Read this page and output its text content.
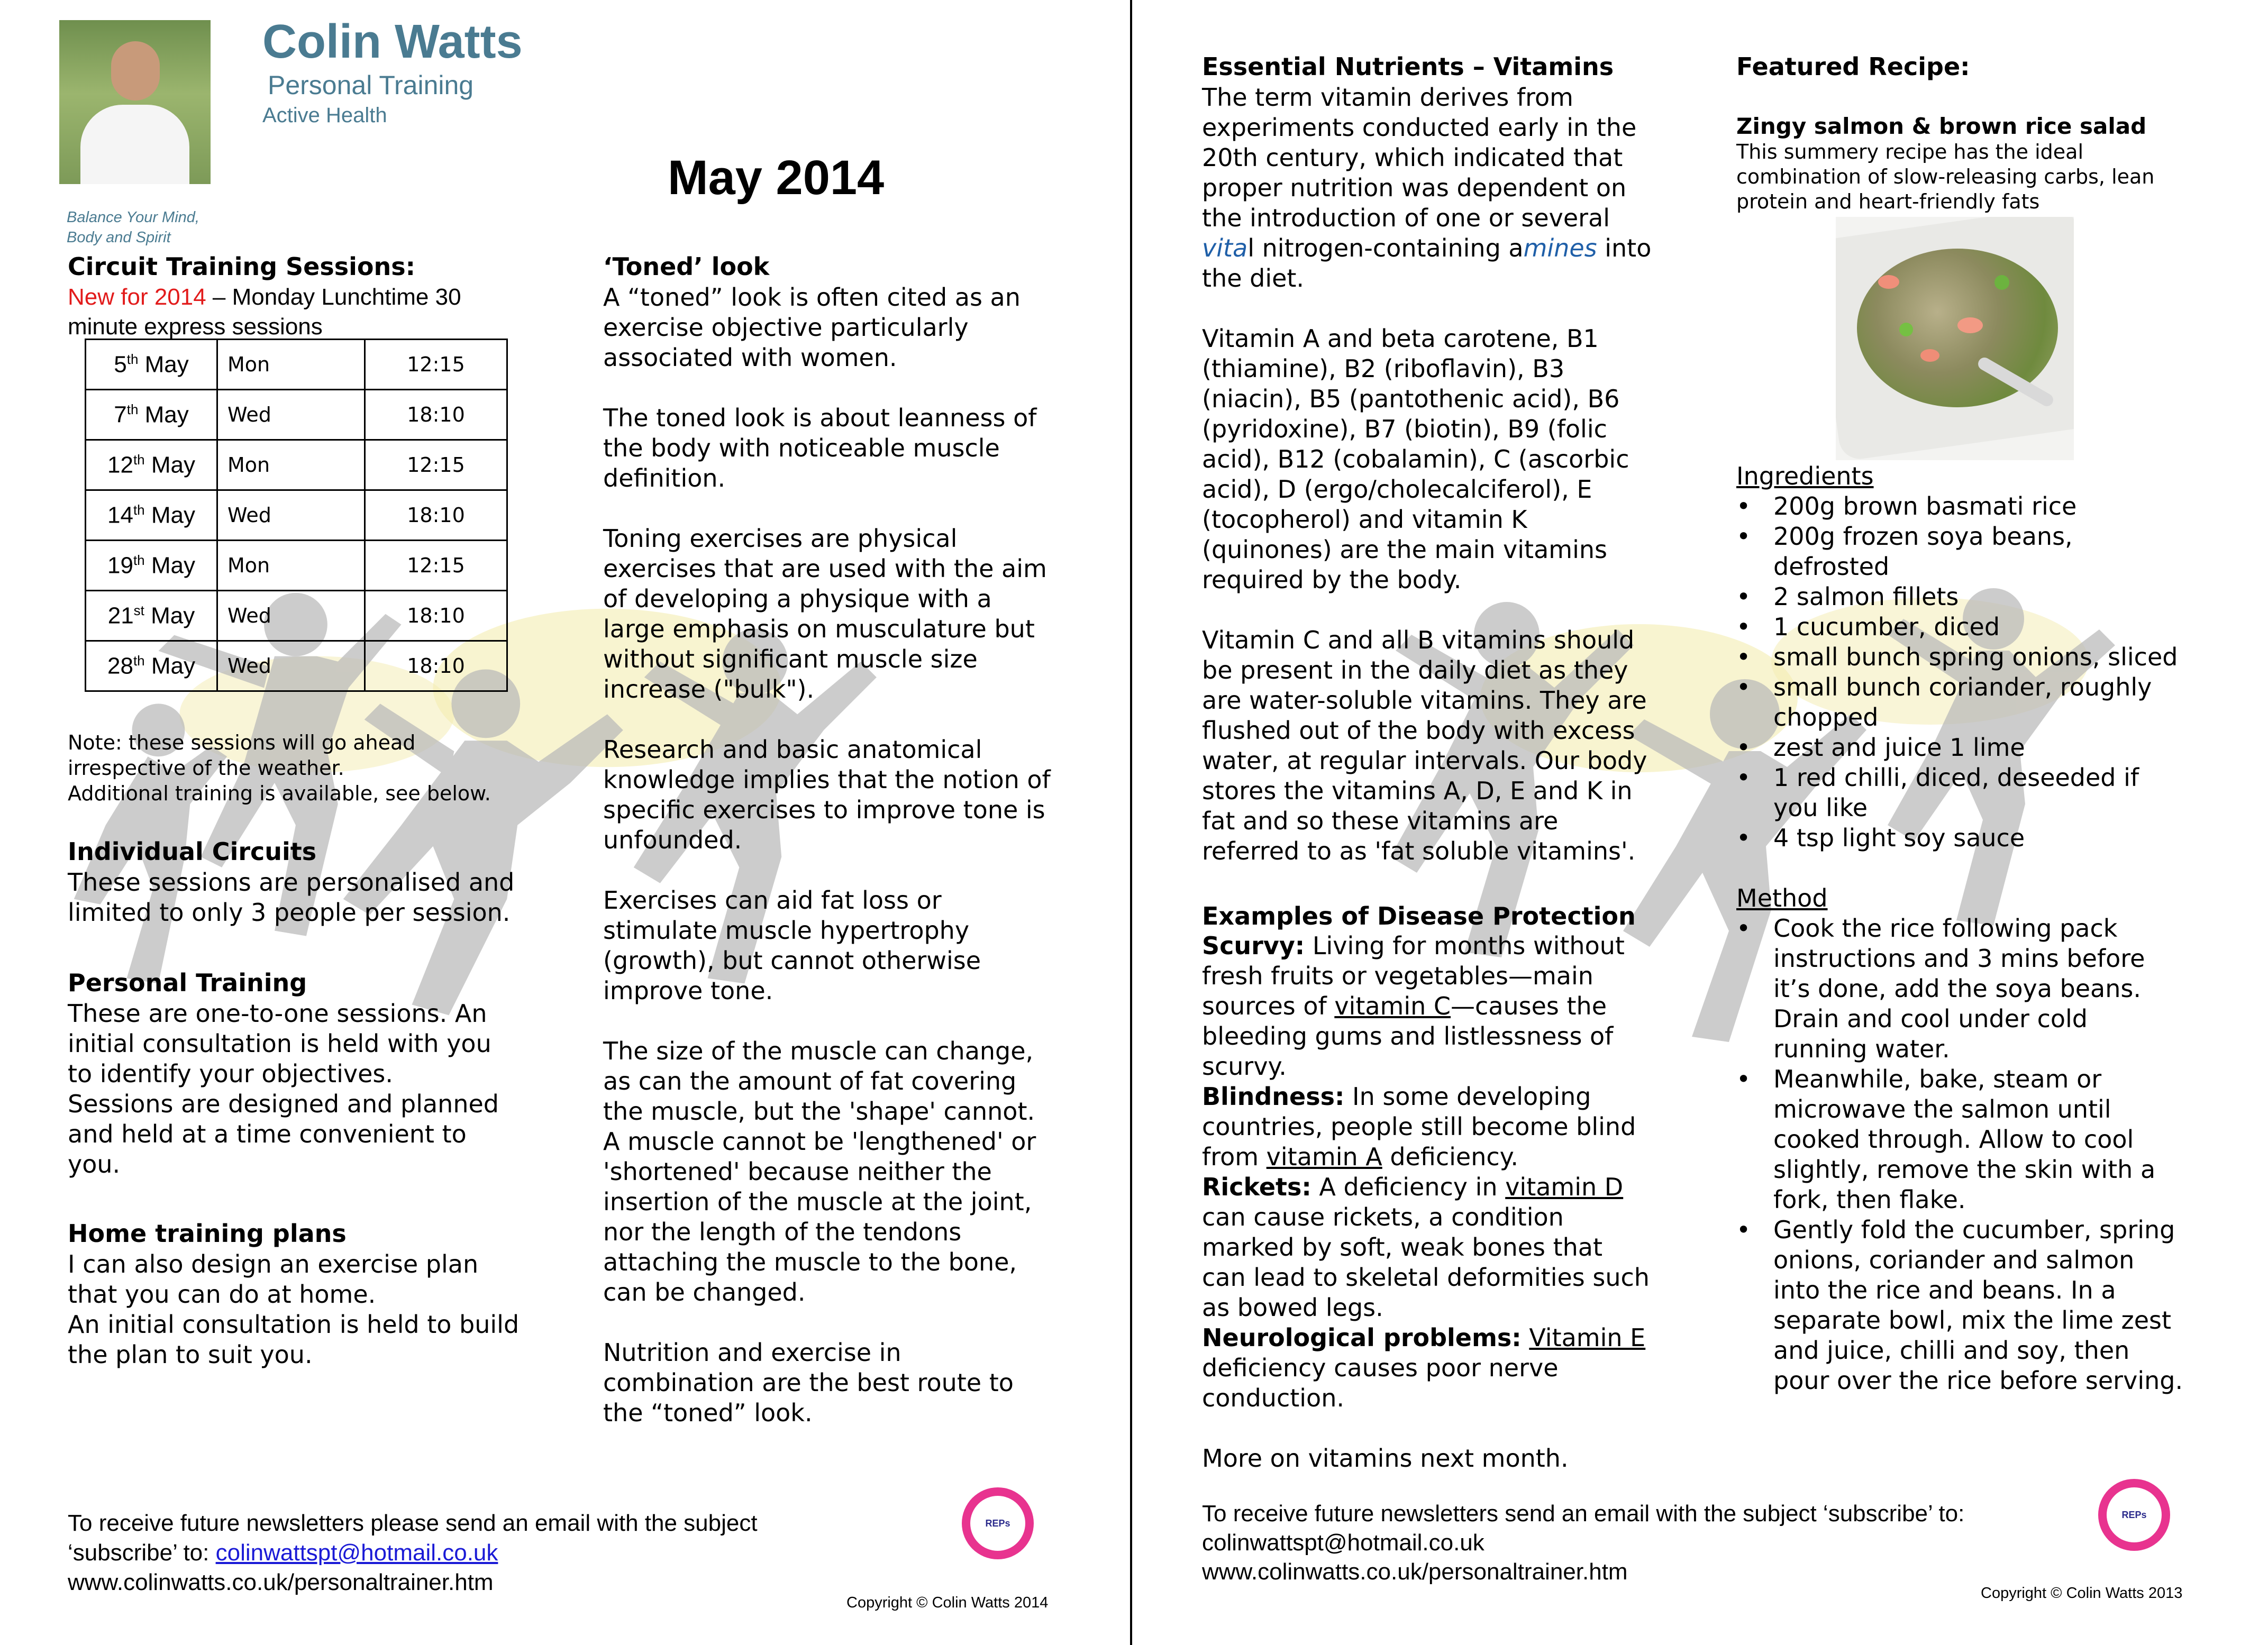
Colin Watts
Personal Training
Active Health
Balance Your Mind,
Body and Spirit
May 2014
Circuit Training Sessions:
New for 2014 – Monday Lunchtime 30 minute express sessions
5th May	Mon	12:15
7th May	Wed	18:10
12th May	Mon	12:15
14th May	Wed	18:10
19th May	Mon	12:15
21st May	Wed	18:10
28th May	Wed	18:10
Note: these sessions will go ahead
irrespective of the weather.
Additional training is available, see below.
Individual Circuits
These sessions are personalised and
limited to only 3 people per session.
Personal Training
These are one-to-one sessions. An
initial consultation is held with you
to identify your objectives.
Sessions are designed and planned
and held at a time convenient to
you.
Home training plans
I can also design an exercise plan
that you can do at home.
An initial consultation is held to build
the plan to suit you.
‘Toned’ look
A “toned” look is often cited as an
exercise objective particularly
associated with women.
The toned look is about leanness of
the body with noticeable muscle
definition.
Toning exercises are physical
exercises that are used with the aim
of developing a physique with a
large emphasis on musculature but
without significant muscle size
increase ("bulk").
Research and basic anatomical
knowledge implies that the notion of
specific exercises to improve tone is
unfounded.
Exercises can aid fat loss or
stimulate muscle hypertrophy
(growth), but cannot otherwise
improve tone.
The size of the muscle can change,
as can the amount of fat covering
the muscle, but the 'shape' cannot.
A muscle cannot be 'lengthened' or
'shortened' because neither the
insertion of the muscle at the joint,
nor the length of the tendons
attaching the muscle to the bone,
can be changed.
Nutrition and exercise in
combination are the best route to
the “toned” look.
To receive future newsletters please send an email with the subject
‘subscribe’ to: colinwattspt@hotmail.co.uk
www.colinwatts.co.uk/personaltrainer.htm
REPs
Copyright © Colin Watts 2014
Essential Nutrients – Vitamins
The term vitamin derives from
experiments conducted early in the
20th century, which indicated that
proper nutrition was dependent on
the introduction of one or several
vital nitrogen-containing amines into
the diet.
Vitamin A and beta carotene, B1
(thiamine), B2 (riboflavin), B3
(niacin), B5 (pantothenic acid), B6
(pyridoxine), B7 (biotin), B9 (folic
acid), B12 (cobalamin), C (ascorbic
acid), D (ergo/cholecalciferol), E
(tocopherol) and vitamin K
(quinones) are the main vitamins
required by the body.
Vitamin C and all B vitamins should
be present in the daily diet as they
are water-soluble vitamins. They are
flushed out of the body with excess
water, at regular intervals. Our body
stores the vitamins A, D, E and K in
fat and so these vitamins are
referred to as 'fat soluble vitamins'.
Examples of Disease Protection
Scurvy: Living for months without
fresh fruits or vegetables—main
sources of vitamin C—causes the
bleeding gums and listlessness of
scurvy.
Blindness: In some developing
countries, people still become blind
from vitamin A deficiency.
Rickets: A deficiency in vitamin D
can cause rickets, a condition
marked by soft, weak bones that
can lead to skeletal deformities such
as bowed legs.
Neurological problems: Vitamin E
deficiency causes poor nerve
conduction.
More on vitamins next month.
Featured Recipe:
Zingy salmon & brown rice salad
This summery recipe has the ideal
combination of slow-releasing carbs, lean
protein and heart-friendly fats
Ingredients
• 200g brown basmati rice
• 200g frozen soya beans,
defrosted
• 2 salmon fillets
• 1 cucumber, diced
• small bunch spring onions, sliced
• small bunch coriander, roughly
chopped
• zest and juice 1 lime
• 1 red chilli, diced, deseeded if
you like
• 4 tsp light soy sauce
Method
• Cook the rice following pack
instructions and 3 mins before
it’s done, add the soya beans.
Drain and cool under cold
running water.
• Meanwhile, bake, steam or
microwave the salmon until
cooked through. Allow to cool
slightly, remove the skin with a
fork, then flake.
• Gently fold the cucumber, spring
onions, coriander and salmon
into the rice and beans. In a
separate bowl, mix the lime zest
and juice, chilli and soy, then
pour over the rice before serving.
To receive future newsletters send an email with the subject ‘subscribe’ to:
colinwattspt@hotmail.co.uk
www.colinwatts.co.uk/personaltrainer.htm
REPs
Copyright © Colin Watts 2013
